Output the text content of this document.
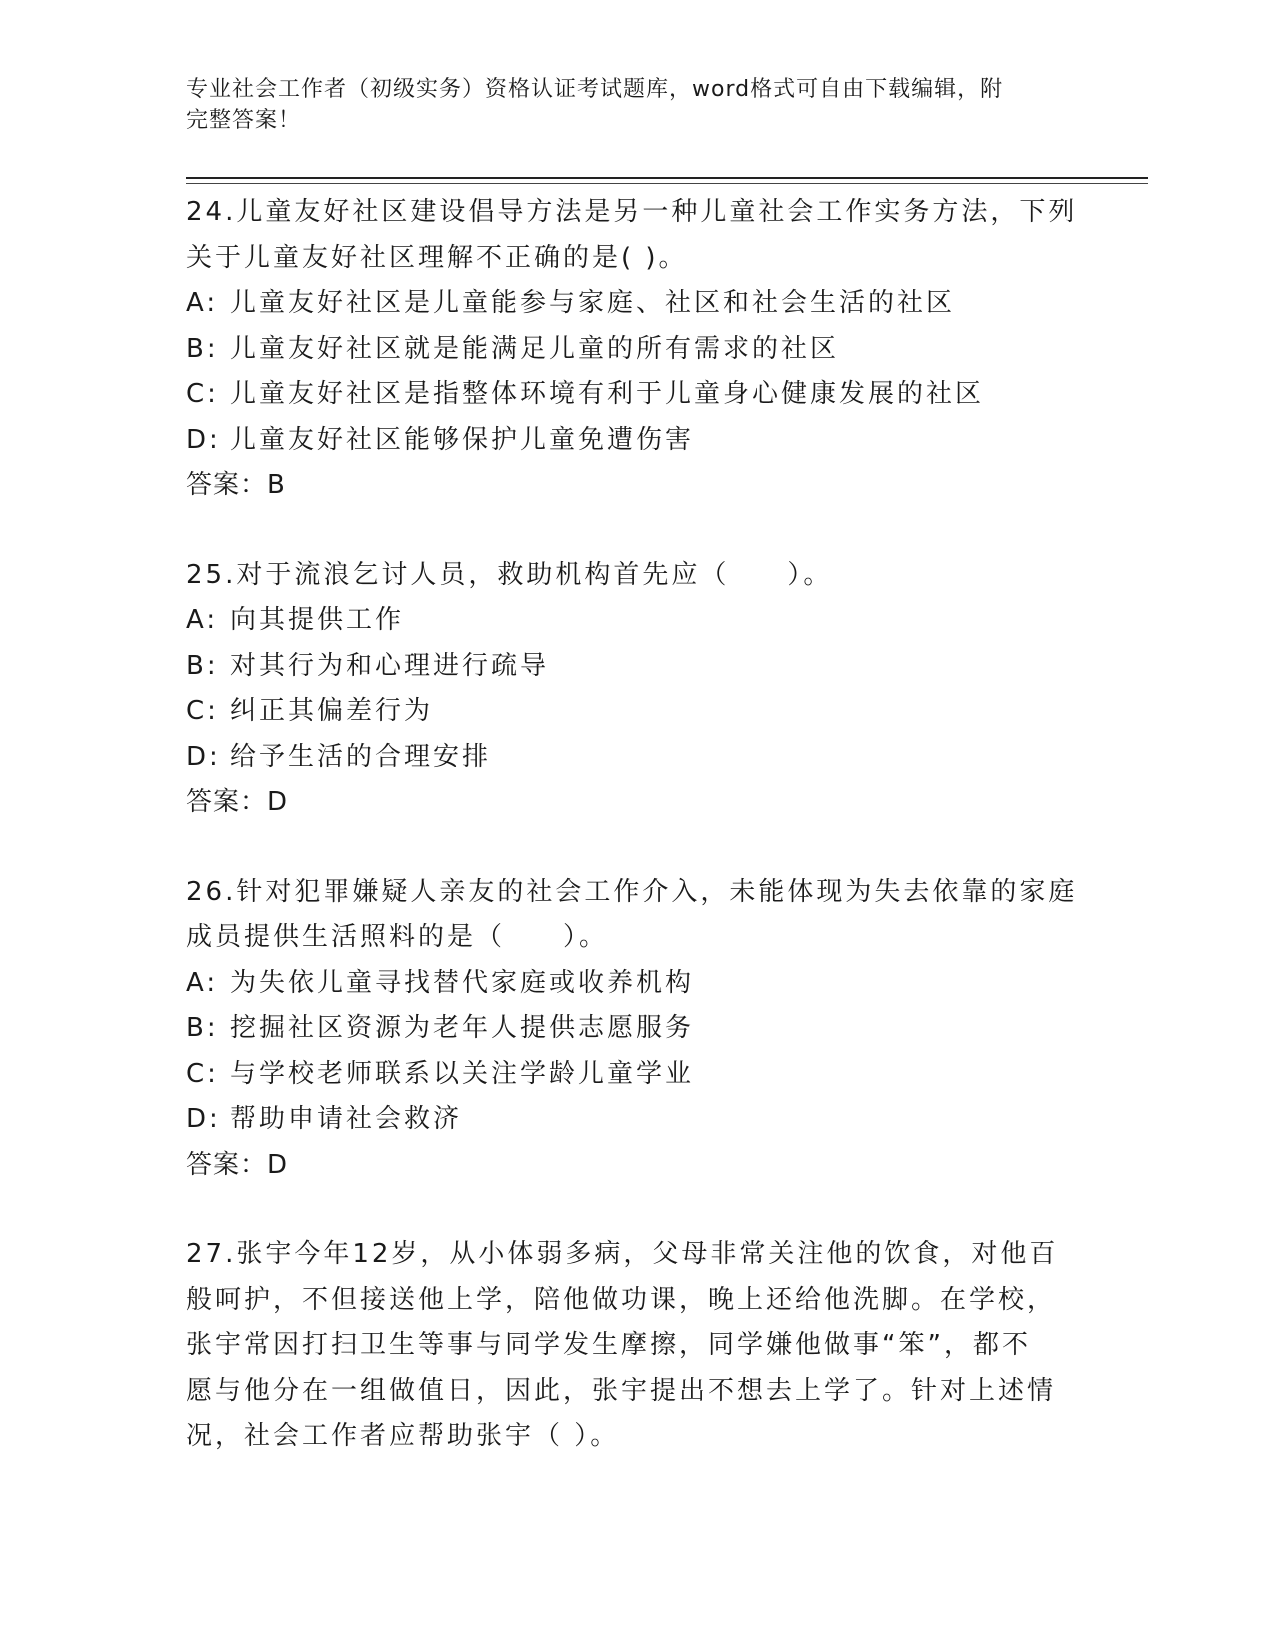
专业社会工作者（初级实务）资格认证考试题库，word格式可自由下载编辑，附
完整答案！
24.儿童友好社区建设倡导方法是另一种儿童社会工作实务方法，下列
关于儿童友好社区理解不正确的是( )。
A: 儿童友好社区是儿童能参与家庭、社区和社会生活的社区
B: 儿童友好社区就是能满足儿童的所有需求的社区
C: 儿童友好社区是指整体环境有利于儿童身心健康发展的社区
D: 儿童友好社区能够保护儿童免遭伤害
答案：B
25.对于流浪乞讨人员，救助机构首先应（　　）。
A: 向其提供工作
B: 对其行为和心理进行疏导
C: 纠正其偏差行为
D: 给予生活的合理安排
答案：D
26.针对犯罪嫌疑人亲友的社会工作介入，未能体现为失去依靠的家庭
成员提供生活照料的是（　　）。
A: 为失依儿童寻找替代家庭或收养机构
B: 挖掘社区资源为老年人提供志愿服务
C: 与学校老师联系以关注学龄儿童学业
D: 帮助申请社会救济
答案：D
27.张宇今年12岁，从小体弱多病，父母非常关注他的饮食，对他百
般呵护，不但接送他上学，陪他做功课，晚上还给他洗脚。在学校，
张宇常因打扫卫生等事与同学发生摩擦，同学嫌他做事“笨”，都不
愿与他分在一组做值日，因此，张宇提出不想去上学了。针对上述情
况，社会工作者应帮助张宇（ ）。
